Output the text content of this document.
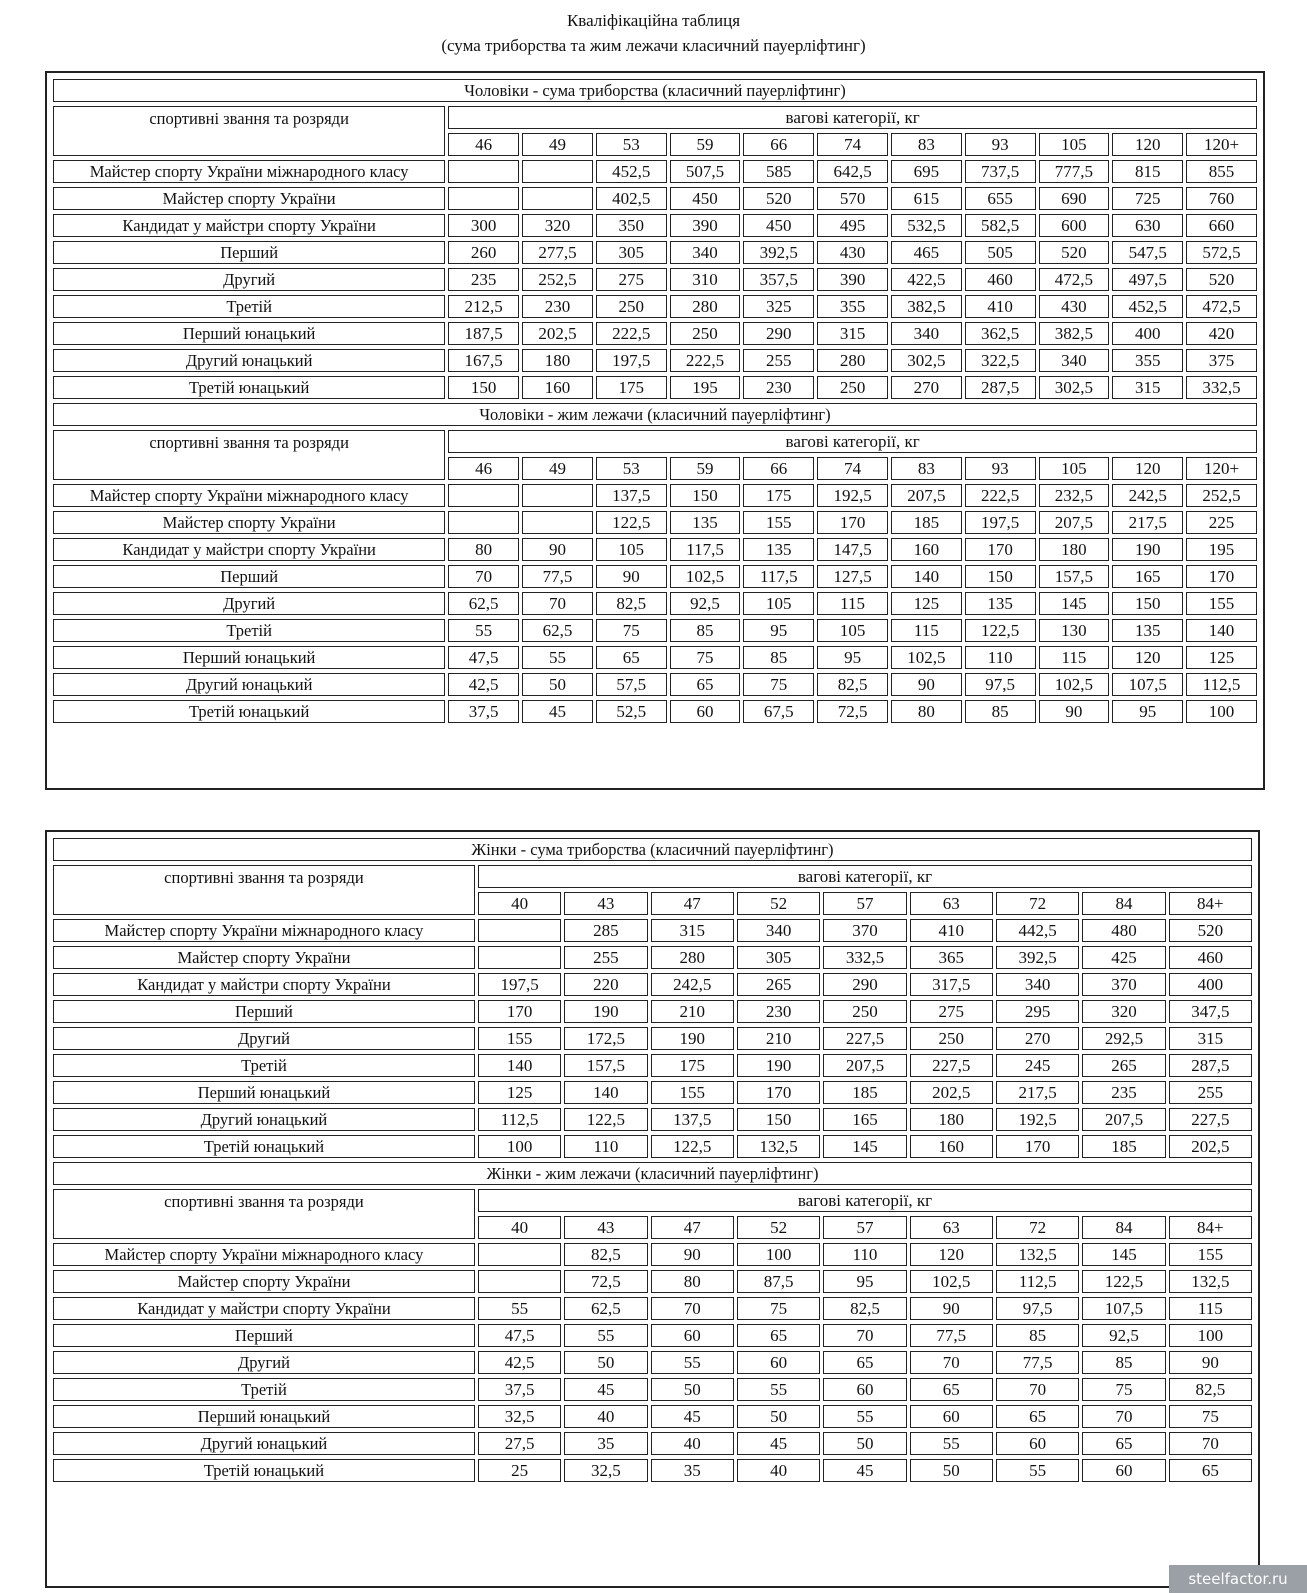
Кваліфікаційна таблиця
(сума триборства та жим лежачи класичний пауерліфтинг)
Чоловіки - сума триборства (класичний пауерліфтинг)											
спортивні звання та розряди	вагові категорії, кг										
	46	49	53	59	66	74	83	93	105	120	120+
Майстер спорту України міжнародного класу			452,5	507,5	585	642,5	695	737,5	777,5	815	855
Майстер спорту України			402,5	450	520	570	615	655	690	725	760
Кандидат у майстри спорту України	300	320	350	390	450	495	532,5	582,5	600	630	660
Перший	260	277,5	305	340	392,5	430	465	505	520	547,5	572,5
Другий	235	252,5	275	310	357,5	390	422,5	460	472,5	497,5	520
Третій	212,5	230	250	280	325	355	382,5	410	430	452,5	472,5
Перший юнацький	187,5	202,5	222,5	250	290	315	340	362,5	382,5	400	420
Другий юнацький	167,5	180	197,5	222,5	255	280	302,5	322,5	340	355	375
Третій юнацький	150	160	175	195	230	250	270	287,5	302,5	315	332,5
Чоловіки - жим лежачи (класичний пауерліфтинг)											
спортивні звання та розряди	вагові категорії, кг										
	46	49	53	59	66	74	83	93	105	120	120+
Майстер спорту України міжнародного класу			137,5	150	175	192,5	207,5	222,5	232,5	242,5	252,5
Майстер спорту України			122,5	135	155	170	185	197,5	207,5	217,5	225
Кандидат у майстри спорту України	80	90	105	117,5	135	147,5	160	170	180	190	195
Перший	70	77,5	90	102,5	117,5	127,5	140	150	157,5	165	170
Другий	62,5	70	82,5	92,5	105	115	125	135	145	150	155
Третій	55	62,5	75	85	95	105	115	122,5	130	135	140
Перший юнацький	47,5	55	65	75	85	95	102,5	110	115	120	125
Другий юнацький	42,5	50	57,5	65	75	82,5	90	97,5	102,5	107,5	112,5
Третій юнацький	37,5	45	52,5	60	67,5	72,5	80	85	90	95	100
Жінки - сума триборства (класичний пауерліфтинг)									
спортивні звання та розряди	вагові категорії, кг								
	40	43	47	52	57	63	72	84	84+
Майстер спорту України міжнародного класу		285	315	340	370	410	442,5	480	520
Майстер спорту України		255	280	305	332,5	365	392,5	425	460
Кандидат у майстри спорту України	197,5	220	242,5	265	290	317,5	340	370	400
Перший	170	190	210	230	250	275	295	320	347,5
Другий	155	172,5	190	210	227,5	250	270	292,5	315
Третій	140	157,5	175	190	207,5	227,5	245	265	287,5
Перший юнацький	125	140	155	170	185	202,5	217,5	235	255
Другий юнацький	112,5	122,5	137,5	150	165	180	192,5	207,5	227,5
Третій юнацький	100	110	122,5	132,5	145	160	170	185	202,5
Жінки - жим лежачи (класичний пауерліфтинг)									
спортивні звання та розряди	вагові категорії, кг								
	40	43	47	52	57	63	72	84	84+
Майстер спорту України міжнародного класу		82,5	90	100	110	120	132,5	145	155
Майстер спорту України		72,5	80	87,5	95	102,5	112,5	122,5	132,5
Кандидат у майстри спорту України	55	62,5	70	75	82,5	90	97,5	107,5	115
Перший	47,5	55	60	65	70	77,5	85	92,5	100
Другий	42,5	50	55	60	65	70	77,5	85	90
Третій	37,5	45	50	55	60	65	70	75	82,5
Перший юнацький	32,5	40	45	50	55	60	65	70	75
Другий юнацький	27,5	35	40	45	50	55	60	65	70
Третій юнацький	25	32,5	35	40	45	50	55	60	65
steelfactor.ru
